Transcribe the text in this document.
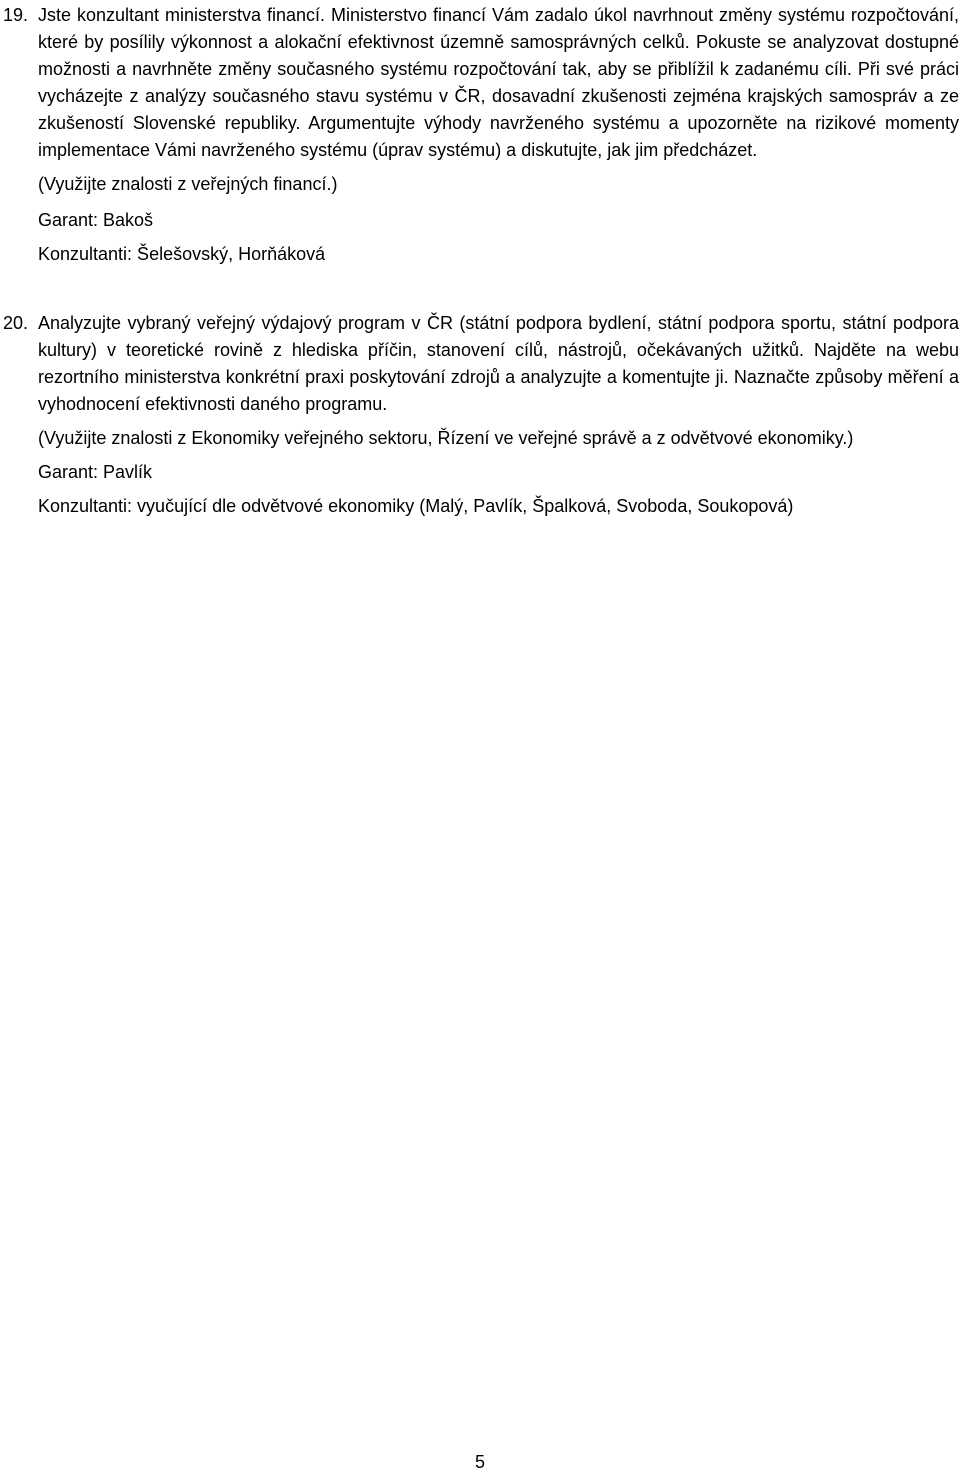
19. Jste konzultant ministerstva financí. Ministerstvo financí Vám zadalo úkol navrhnout změny systému rozpočtování, které by posílily výkonnost a alokační efektivnost územně samosprávných celků. Pokuste se analyzovat dostupné možnosti a navrhněte změny současného systému rozpočtování tak, aby se přiblížil k zadanému cíli. Při své práci vycházejte z analýzy současného stavu systému v ČR, dosavadní zkušenosti zejména krajských samospráv a ze zkušeností Slovenské republiky. Argumentujte výhody navrženého systému a upozorněte na rizikové momenty implementace Vámi navrženého systému (úprav systému) a diskutujte, jak jim předcházet.

(Využijte znalosti z veřejných financí.)

Garant: Bakoš

Konzultanti: Šelešovský, Horňáková

20. Analyzujte vybraný veřejný výdajový program v ČR (státní podpora bydlení, státní podpora sportu, státní podpora kultury) v teoretické rovině z hlediska příčin, stanovení cílů, nástrojů, očekávaných užitků. Najděte na webu rezortního ministerstva konkrétní praxi poskytování zdrojů a analyzujte a komentujte ji. Naznačte způsoby měření a vyhodnocení efektivnosti daného programu.

(Využijte znalosti z Ekonomiky veřejného sektoru, Řízení ve veřejné správě a z odvětvové ekonomiky.)

Garant: Pavlík

Konzultanti: vyučující dle odvětvové ekonomiky (Malý, Pavlík, Špalková, Svoboda, Soukopová)

5
